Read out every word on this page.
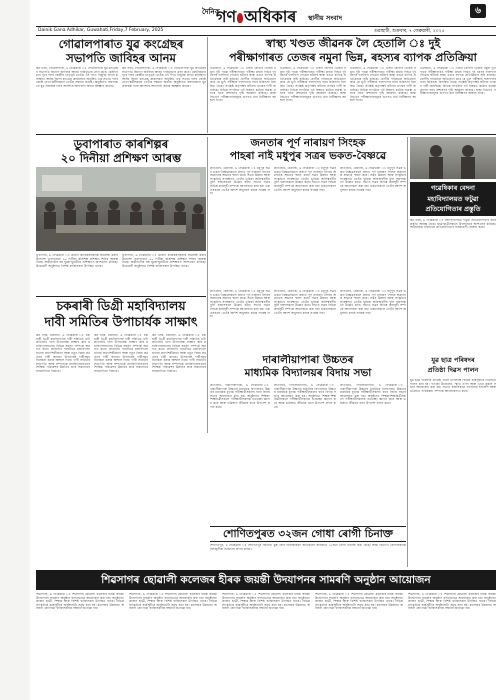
দৈনিক
গণ অধিকাৰ স্থানীয় সংবাদ
৬
Dainik Gana Adhikar, Guwahati,Friday,7 February, 2025	গুৱাহাটী, শুক্ৰবাৰ, ৭ ফেব্ৰুৱাৰী, ২০২৫
গোৱালপাৰাত যুৱ কংগ্ৰেছৰ
সভাপতি জাবিহৰ আনম
কম খবৰ, গোৱালপাৰা, ৬ ফেব্ৰুৱাৰী ঃ গোৱালপাৰা যুৱ কংগ্ৰেছৰ সভাপতি হিচাপে জাবিহৰ আনম দায়িত্বভাৰ গ্ৰহণ কৰে। কেইদিনমান পূৰ্বে দলৰ কেন্দ্ৰীয় নেতৃত্বই তেওঁক এই পদত নিযুক্তি প্ৰদান কৰিছিল। আজি জিলা কংগ্ৰেছ কাৰ্যালয়ত অনুষ্ঠিত এক সভাত দলৰ জ্যেষ্ঠ নেতা-কৰ্মীসকলে তেওঁক সম্বৰ্ধনা জনায়। অনুষ্ঠানত বক্তাসকলে যুৱ প্ৰজন্মক দলৰ আদৰ্শৰে আগবাঢ়ি অহাৰ আহ্বান জনায়।
কম খবৰ, গোৱালপাৰা, ৬ ফেব্ৰুৱাৰী ঃ গোৱালপাৰা যুৱ কংগ্ৰেছৰ সভাপতি হিচাপে জাবিহৰ আনম দায়িত্বভাৰ গ্ৰহণ কৰে। কেইদিনমান পূৰ্বে দলৰ কেন্দ্ৰীয় নেতৃত্বই তেওঁক এই পদত নিযুক্তি প্ৰদান কৰিছিল। আজি জিলা কংগ্ৰেছ কাৰ্যালয়ত অনুষ্ঠিত এক সভাত দলৰ জ্যেষ্ঠ নেতা-কৰ্মীসকলে তেওঁক সম্বৰ্ধনা জনায়। অনুষ্ঠানত বক্তাসকলে যুৱ প্ৰজন্মক দলৰ আদৰ্শৰে আগবাঢ়ি অহাৰ আহ্বান জনায়।
স্বাস্থ্য খণ্ডত জীৱনক লৈ হেতালি ঃ দুই
পৰীক্ষাগাৰত তেজৰ নমুনা ভিন্ন, ৰহস্যৰ ব্যাপক প্ৰতিক্ৰিয়া
গুৱাহাটী, ৬ ফেব্ৰুৱাৰী ঃ এজন ৰোগীৰ তেজৰ নমুনা দুটা পৃথক পৰীক্ষাগাৰত পৰীক্ষা কৰাৰ পিছত দুই ধৰণৰ ফলাফল পোৱাৰ ঘটনাই স্বাস্থ্য খণ্ডত ব্যাপক প্ৰতিক্ৰিয়াৰ সৃষ্টি কৰিছে। ৰোগীৰ পৰিয়ালে অভিযোগ কৰে যে ভুল পৰীক্ষাৰ ফলাফলৰ বাবে চিকিৎসা বিলম্বিত হৈছে। সংশ্লিষ্ট কৰ্তৃপক্ষই ঘটনাৰ তদন্তৰ দাবী জনাইছে। বিভিন্ন সংগঠনে এই বিষয়ত কঠোৰ ব্যৱস্থা গ্ৰহণৰ বাবে প্ৰশাসনৰ দৃষ্টি আকৰ্ষণ কৰিছে। স্বাস্থ্য বিভাগে পৰীক্ষাগাৰসমূহৰ গুণগত মান নিৰীক্ষণৰ আশ্বাস দিয়ে।
গুৱাহাটী, ৬ ফেব্ৰুৱাৰী ঃ এজন ৰোগীৰ তেজৰ নমুনা দুটা পৃথক পৰীক্ষাগাৰত পৰীক্ষা কৰাৰ পিছত দুই ধৰণৰ ফলাফল পোৱাৰ ঘটনাই স্বাস্থ্য খণ্ডত ব্যাপক প্ৰতিক্ৰিয়াৰ সৃষ্টি কৰিছে। ৰোগীৰ পৰিয়ালে অভিযোগ কৰে যে ভুল পৰীক্ষাৰ ফলাফলৰ বাবে চিকিৎসা বিলম্বিত হৈছে। সংশ্লিষ্ট কৰ্তৃপক্ষই ঘটনাৰ তদন্তৰ দাবী জনাইছে। বিভিন্ন সংগঠনে এই বিষয়ত কঠোৰ ব্যৱস্থা গ্ৰহণৰ বাবে প্ৰশাসনৰ দৃষ্টি আকৰ্ষণ কৰিছে। স্বাস্থ্য বিভাগে পৰীক্ষাগাৰসমূহৰ গুণগত মান নিৰীক্ষণৰ আশ্বাস দিয়ে।
গুৱাহাটী, ৬ ফেব্ৰুৱাৰী ঃ এজন ৰোগীৰ তেজৰ নমুনা দুটা পৃথক পৰীক্ষাগাৰত পৰীক্ষা কৰাৰ পিছত দুই ধৰণৰ ফলাফল পোৱাৰ ঘটনাই স্বাস্থ্য খণ্ডত ব্যাপক প্ৰতিক্ৰিয়াৰ সৃষ্টি কৰিছে। ৰোগীৰ পৰিয়ালে অভিযোগ কৰে যে ভুল পৰীক্ষাৰ ফলাফলৰ বাবে চিকিৎসা বিলম্বিত হৈছে। সংশ্লিষ্ট কৰ্তৃপক্ষই ঘটনাৰ তদন্তৰ দাবী জনাইছে। বিভিন্ন সংগঠনে এই বিষয়ত কঠোৰ ব্যৱস্থা গ্ৰহণৰ বাবে প্ৰশাসনৰ দৃষ্টি আকৰ্ষণ কৰিছে। স্বাস্থ্য বিভাগে পৰীক্ষাগাৰসমূহৰ গুণগত মান নিৰীক্ষণৰ আশ্বাস দিয়ে।
গুৱাহাটী, ৬ ফেব্ৰুৱাৰী ঃ এজন ৰোগীৰ তেজৰ নমুনা দুটা পৃথক পৰীক্ষাগাৰত পৰীক্ষা কৰাৰ পিছত দুই ধৰণৰ ফলাফল পোৱাৰ ঘটনাই স্বাস্থ্য খণ্ডত ব্যাপক প্ৰতিক্ৰিয়াৰ সৃষ্টি কৰিছে। ৰোগীৰ পৰিয়ালে অভিযোগ কৰে যে ভুল পৰীক্ষাৰ ফলাফলৰ বাবে চিকিৎসা বিলম্বিত হৈছে। সংশ্লিষ্ট কৰ্তৃপক্ষই ঘটনাৰ তদন্তৰ দাবী জনাইছে। বিভিন্ন সংগঠনে এই বিষয়ত কঠোৰ ব্যৱস্থা গ্ৰহণৰ বাবে প্ৰশাসনৰ দৃষ্টি আকৰ্ষণ কৰিছে। স্বাস্থ্য বিভাগে পৰীক্ষাগাৰসমূহৰ গুণগত মান নিৰীক্ষণৰ আশ্বাস দিয়ে।
ডুবাপাৰাত কাৰশিল্পৰ
২০ দিনীয়া প্ৰশিক্ষণ আৰম্ভ
ডুবাপাৰা, ৬ ফেব্ৰুৱাৰী ঃ গ্ৰামীণ কাৰিকৰসকলক স্বাৱলম্বী কৰাৰ উদ্দেশ্যে ডুবাপাৰাত ২০ দিনীয়া কাৰশিল্প প্ৰশিক্ষণ শিবিৰ আৰম্ভ হৈছে। অঞ্চলটোৰ বহু যুৱক-যুৱতীয়ে প্ৰশিক্ষণত অংশগ্ৰহণ কৰিছে। উদ্বোধনী অনুষ্ঠানত বিশিষ্ট ব্যক্তিসকল উপস্থিত থাকে।
ডুবাপাৰা, ৬ ফেব্ৰুৱাৰী ঃ গ্ৰামীণ কাৰিকৰসকলক স্বাৱলম্বী কৰাৰ উদ্দেশ্যে ডুবাপাৰাত ২০ দিনীয়া কাৰশিল্প প্ৰশিক্ষণ শিবিৰ আৰম্ভ হৈছে। অঞ্চলটোৰ বহু যুৱক-যুৱতীয়ে প্ৰশিক্ষণত অংশগ্ৰহণ কৰিছে। উদ্বোধনী অনুষ্ঠানত বিশিষ্ট ব্যক্তিসকল উপস্থিত থাকে।
জনতাৰ পূৰ্ণ নাৰায়ণ সিংহক
পাহৰা নাই মধুপুৰ সত্ৰৰ ভকত-বৈষ্ণৱে
প্ৰতিনিধি, ধেমাজি, ৬ ফেব্ৰুৱাৰী ঃ মধুপুৰ সত্ৰৰ ভকত-বৈষ্ণৱসকলে প্ৰয়াত পূৰ্ণ নাৰায়ণ সিংহৰ অৱদানক শ্ৰদ্ধাৰে স্মৰণ কৰে। সত্ৰৰ উন্নয়ন আৰু সংস্কৃতিৰ সংৰক্ষণত তেওঁৰ ভূমিকা অবিস্মৰণীয় বুলি বক্তাসকলে উল্লেখ কৰে। সভাত সত্ৰৰ বিভিন্ন কাৰ্যসূচী সম্পৰ্কে আলোচনা কৰা হয়। ভকতসকলে তেওঁৰ আদৰ্শ অনুসৰণ কৰাৰ সংকল্প লয়।
প্ৰতিনিধি, ধেমাজি, ৬ ফেব্ৰুৱাৰী ঃ মধুপুৰ সত্ৰৰ ভকত-বৈষ্ণৱসকলে প্ৰয়াত পূৰ্ণ নাৰায়ণ সিংহৰ অৱদানক শ্ৰদ্ধাৰে স্মৰণ কৰে। সত্ৰৰ উন্নয়ন আৰু সংস্কৃতিৰ সংৰক্ষণত তেওঁৰ ভূমিকা অবিস্মৰণীয় বুলি বক্তাসকলে উল্লেখ কৰে। সভাত সত্ৰৰ বিভিন্ন কাৰ্যসূচী সম্পৰ্কে আলোচনা কৰা হয়। ভকতসকলে তেওঁৰ আদৰ্শ অনুসৰণ কৰাৰ সংকল্প লয়।
প্ৰতিনিধি, ধেমাজি, ৬ ফেব্ৰুৱাৰী ঃ মধুপুৰ সত্ৰৰ ভকত-বৈষ্ণৱসকলে প্ৰয়াত পূৰ্ণ নাৰায়ণ সিংহৰ অৱদানক শ্ৰদ্ধাৰে স্মৰণ কৰে। সত্ৰৰ উন্নয়ন আৰু সংস্কৃতিৰ সংৰক্ষণত তেওঁৰ ভূমিকা অবিস্মৰণীয় বুলি বক্তাসকলে উল্লেখ কৰে। সভাত সত্ৰৰ বিভিন্ন কাৰ্যসূচী সম্পৰ্কে আলোচনা কৰা হয়। ভকতসকলে তেওঁৰ আদৰ্শ অনুসৰণ কৰাৰ সংকল্প লয়।	গৱেষিকাৰ বেদনা
মহাবিদ্যালয়ত ফটুৱা
প্ৰতিযোগিতাৰ প্ৰস্তুতি
কম খবৰ, ৬ ফেব্ৰুৱাৰী ঃ মহাবিদ্যালয়ত ফটুৱা প্ৰতিযোগিতাৰ বাবে প্ৰস্তুতি আৰম্ভ হৈছে। ছাত্ৰ-ছাত্ৰীসকলে উৎসাহেৰে অংশগ্ৰহণ কৰিছে। আয়োজক সমিতিয়ে প্ৰতিযোগিতাৰ নিয়মাৱলী ঘোষণা কৰে।
যুৱ ছাত্ৰ পৰিষদৰ
প্ৰতিষ্ঠা দিৱস পালন
যুৱ ছাত্ৰ পৰিষদৰ প্ৰতিষ্ঠা দিৱস উপলক্ষে বিভিন্ন কাৰ্যসূচীৰে দিৱসটো পালন কৰা হয়। পতাকা উত্তোলন, স্মৃতি তৰ্পণ আৰু এখন মুকলি সভাৰ আয়োজন কৰা হয়। সভাত বক্তাসকলে সংগঠনৰ ইতিহাস আৰু ভৱিষ্যত পৰিকল্পনা সম্পৰ্কে আলোকপাত কৰে।
চকৰাৰী ডিগ্ৰী মহাবিদ্যালয়
দাবী সমিতিৰ উপাচাৰ্যক সাক্ষাৎ
কম খবৰ, চকৰাৰী, ৬ ফেব্ৰুৱাৰী ঃ চকৰাৰী ডিগ্ৰী মহাবিদ্যালয় দাবী সমিতিৰ এটা প্ৰতিনিধি দলে উপাচাৰ্যক সাক্ষাৎ কৰি মহাবিদ্যালয়খনৰ বিভিন্ন সমস্যা সম্পৰ্কে অৱগত কৰে। প্ৰতিনিধি দলটোৱে মহাবিদ্যালয়খনৰ প্ৰাদেশিকীকৰণ আৰু নতুন বিষয় প্ৰৱৰ্তনৰ দাবী জনায়। উপাচাৰ্যই দাবীসমূহ বিবেচনা কৰাৰ আশ্বাস দিয়ে। দাবী সমিতিৰ সভাপতি আৰু সম্পাদকে মহাবিদ্যালয়খনৰ শৈক্ষিক পৰিৱেশৰ উন্নতিৰ বাবে সকলোৰে সহযোগিতা বিচাৰে।
কম খবৰ, চকৰাৰী, ৬ ফেব্ৰুৱাৰী ঃ চকৰাৰী ডিগ্ৰী মহাবিদ্যালয় দাবী সমিতিৰ এটা প্ৰতিনিধি দলে উপাচাৰ্যক সাক্ষাৎ কৰি মহাবিদ্যালয়খনৰ বিভিন্ন সমস্যা সম্পৰ্কে অৱগত কৰে। প্ৰতিনিধি দলটোৱে মহাবিদ্যালয়খনৰ প্ৰাদেশিকীকৰণ আৰু নতুন বিষয় প্ৰৱৰ্তনৰ দাবী জনায়। উপাচাৰ্যই দাবীসমূহ বিবেচনা কৰাৰ আশ্বাস দিয়ে। দাবী সমিতিৰ সভাপতি আৰু সম্পাদকে মহাবিদ্যালয়খনৰ শৈক্ষিক পৰিৱেশৰ উন্নতিৰ বাবে সকলোৰে সহযোগিতা বিচাৰে।
কম খবৰ, চকৰাৰী, ৬ ফেব্ৰুৱাৰী ঃ চকৰাৰী ডিগ্ৰী মহাবিদ্যালয় দাবী সমিতিৰ এটা প্ৰতিনিধি দলে উপাচাৰ্যক সাক্ষাৎ কৰি মহাবিদ্যালয়খনৰ বিভিন্ন সমস্যা সম্পৰ্কে অৱগত কৰে। প্ৰতিনিধি দলটোৱে মহাবিদ্যালয়খনৰ প্ৰাদেশিকীকৰণ আৰু নতুন বিষয় প্ৰৱৰ্তনৰ দাবী জনায়। উপাচাৰ্যই দাবীসমূহ বিবেচনা কৰাৰ আশ্বাস দিয়ে। দাবী সমিতিৰ সভাপতি আৰু সম্পাদকে মহাবিদ্যালয়খনৰ শৈক্ষিক পৰিৱেশৰ উন্নতিৰ বাবে সকলোৰে সহযোগিতা বিচাৰে।
প্ৰতিনিধি, ধেমাজি, ৬ ফেব্ৰুৱাৰী ঃ মধুপুৰ সত্ৰৰ ভকত-বৈষ্ণৱসকলে প্ৰয়াত পূৰ্ণ নাৰায়ণ সিংহৰ অৱদানক শ্ৰদ্ধাৰে স্মৰণ কৰে। সত্ৰৰ উন্নয়ন আৰু সংস্কৃতিৰ সংৰক্ষণত তেওঁৰ ভূমিকা অবিস্মৰণীয় বুলি বক্তাসকলে উল্লেখ কৰে। সভাত সত্ৰৰ বিভিন্ন কাৰ্যসূচী সম্পৰ্কে আলোচনা কৰা হয়। ভকতসকলে তেওঁৰ আদৰ্শ অনুসৰণ কৰাৰ সংকল্প লয়।
প্ৰতিনিধি, ধেমাজি, ৬ ফেব্ৰুৱাৰী ঃ মধুপুৰ সত্ৰৰ ভকত-বৈষ্ণৱসকলে প্ৰয়াত পূৰ্ণ নাৰায়ণ সিংহৰ অৱদানক শ্ৰদ্ধাৰে স্মৰণ কৰে। সত্ৰৰ উন্নয়ন আৰু সংস্কৃতিৰ সংৰক্ষণত তেওঁৰ ভূমিকা অবিস্মৰণীয় বুলি বক্তাসকলে উল্লেখ কৰে। সভাত সত্ৰৰ বিভিন্ন কাৰ্যসূচী সম্পৰ্কে আলোচনা কৰা হয়। ভকতসকলে তেওঁৰ আদৰ্শ অনুসৰণ কৰাৰ সংকল্প লয়।
প্ৰতিনিধি, ধেমাজি, ৬ ফেব্ৰুৱাৰী ঃ মধুপুৰ সত্ৰৰ ভকত-বৈষ্ণৱসকলে প্ৰয়াত পূৰ্ণ নাৰায়ণ সিংহৰ অৱদানক শ্ৰদ্ধাৰে স্মৰণ কৰে। সত্ৰৰ উন্নয়ন আৰু সংস্কৃতিৰ সংৰক্ষণত তেওঁৰ ভূমিকা অবিস্মৰণীয় বুলি বক্তাসকলে উল্লেখ কৰে। সভাত সত্ৰৰ বিভিন্ন কাৰ্যসূচী সম্পৰ্কে আলোচনা কৰা হয়। ভকতসকলে তেওঁৰ আদৰ্শ অনুসৰণ কৰাৰ সংকল্প লয়।
দাৰালীয়াপাৰা উচ্চতৰ
মাধ্যমিক বিদ্যালয়ৰ বিদায় সভা
প্ৰতিনিধি, দাৰালীয়াপাৰা, ৬ ফেব্ৰুৱাৰী ঃ দাৰালীয়াপাৰা উচ্চতৰ মাধ্যমিক বিদ্যালয়ত উচ্চতৰ মাধ্যমিক চূড়ান্ত পৰীক্ষাৰ্থীসকলৰ বাবে বিদায় সভাৰ আয়োজন কৰা হয়। অনুষ্ঠানত শিক্ষক-শিক্ষয়িত্ৰীসকলে পৰীক্ষাৰ্থীসকলক শুভেচ্ছা জ্ঞাপন কৰে আৰু ভৱিষ্যত জীৱনৰ বাবে উপদেশ প্ৰদান কৰে।
প্ৰতিনিধি, দাৰালীয়াপাৰা, ৬ ফেব্ৰুৱাৰী ঃ দাৰালীয়াপাৰা উচ্চতৰ মাধ্যমিক বিদ্যালয়ত উচ্চতৰ মাধ্যমিক চূড়ান্ত পৰীক্ষাৰ্থীসকলৰ বাবে বিদায় সভাৰ আয়োজন কৰা হয়। অনুষ্ঠানত শিক্ষক-শিক্ষয়িত্ৰীসকলে পৰীক্ষাৰ্থীসকলক শুভেচ্ছা জ্ঞাপন কৰে আৰু ভৱিষ্যত জীৱনৰ বাবে উপদেশ প্ৰদান কৰে।
প্ৰতিনিধি, দাৰালীয়াপাৰা, ৬ ফেব্ৰুৱাৰী ঃ দাৰালীয়াপাৰা উচ্চতৰ মাধ্যমিক বিদ্যালয়ত উচ্চতৰ মাধ্যমিক চূড়ান্ত পৰীক্ষাৰ্থীসকলৰ বাবে বিদায় সভাৰ আয়োজন কৰা হয়। অনুষ্ঠানত শিক্ষক-শিক্ষয়িত্ৰীসকলে পৰীক্ষাৰ্থীসকলক শুভেচ্ছা জ্ঞাপন কৰে আৰু ভৱিষ্যত জীৱনৰ বাবে উপদেশ প্ৰদান কৰে।
শোণিতপুৰত ৩২জন গোধা ৰোগী চিনাক্ত
শোণিতপুৰ, ৬ ফেব্ৰুৱাৰী ঃ শোণিতপুৰ জিলাত কুষ্ঠ ৰোগ চিনাক্তকৰণ অভিযানৰ জৰিয়তে ৩২জন ৰোগী চিনাক্ত কৰা হৈছে। স্বাস্থ্য বিভাগে ৰোগীসকলক বিনামূলীয়া চিকিৎসা প্ৰদান কৰিব।
শিৱসাগৰ ছোৱালী কলেজৰ হীৰক জয়ন্তী উদযাপনৰ সামৰণি অনুষ্ঠান আয়োজন
শিৱসাগৰ, ৬ ফেব্ৰুৱাৰী ঃ শিৱসাগৰ ছোৱালী কলেজৰ হীৰক জয়ন্তী উদযাপনৰ সামৰণি অনুষ্ঠান বৰ্ণাঢ্যভাৱে আয়োজন কৰা হয়। অনুষ্ঠানত প্ৰাক্তন ছাত্ৰী, শিক্ষক আৰু বিশিষ্ট ব্যক্তিসকল উপস্থিত থাকে। বিভিন্ন সাংস্কৃতিক কাৰ্যসূচীৰে অনুষ্ঠানটো সমৃদ্ধ কৰা হয়। কলেজৰ উন্নয়নত অৰিহণা যোগোৱা ব্যক্তিসকলক সম্বৰ্ধনা জনোৱা হয়।
শিৱসাগৰ, ৬ ফেব্ৰুৱাৰী ঃ শিৱসাগৰ ছোৱালী কলেজৰ হীৰক জয়ন্তী উদযাপনৰ সামৰণি অনুষ্ঠান বৰ্ণাঢ্যভাৱে আয়োজন কৰা হয়। অনুষ্ঠানত প্ৰাক্তন ছাত্ৰী, শিক্ষক আৰু বিশিষ্ট ব্যক্তিসকল উপস্থিত থাকে। বিভিন্ন সাংস্কৃতিক কাৰ্যসূচীৰে অনুষ্ঠানটো সমৃদ্ধ কৰা হয়। কলেজৰ উন্নয়নত অৰিহণা যোগোৱা ব্যক্তিসকলক সম্বৰ্ধনা জনোৱা হয়।
শিৱসাগৰ, ৬ ফেব্ৰুৱাৰী ঃ শিৱসাগৰ ছোৱালী কলেজৰ হীৰক জয়ন্তী উদযাপনৰ সামৰণি অনুষ্ঠান বৰ্ণাঢ্যভাৱে আয়োজন কৰা হয়। অনুষ্ঠানত প্ৰাক্তন ছাত্ৰী, শিক্ষক আৰু বিশিষ্ট ব্যক্তিসকল উপস্থিত থাকে। বিভিন্ন সাংস্কৃতিক কাৰ্যসূচীৰে অনুষ্ঠানটো সমৃদ্ধ কৰা হয়। কলেজৰ উন্নয়নত অৰিহণা যোগোৱা ব্যক্তিসকলক সম্বৰ্ধনা জনোৱা হয়।
শিৱসাগৰ, ৬ ফেব্ৰুৱাৰী ঃ শিৱসাগৰ ছোৱালী কলেজৰ হীৰক জয়ন্তী উদযাপনৰ সামৰণি অনুষ্ঠান বৰ্ণাঢ্যভাৱে আয়োজন কৰা হয়। অনুষ্ঠানত প্ৰাক্তন ছাত্ৰী, শিক্ষক আৰু বিশিষ্ট ব্যক্তিসকল উপস্থিত থাকে। বিভিন্ন সাংস্কৃতিক কাৰ্যসূচীৰে অনুষ্ঠানটো সমৃদ্ধ কৰা হয়। কলেজৰ উন্নয়নত অৰিহণা যোগোৱা ব্যক্তিসকলক সম্বৰ্ধনা জনোৱা হয়।
শিৱসাগৰ, ৬ ফেব্ৰুৱাৰী ঃ শিৱসাগৰ ছোৱালী কলেজৰ হীৰক জয়ন্তী উদযাপনৰ সামৰণি অনুষ্ঠান বৰ্ণাঢ্যভাৱে আয়োজন কৰা হয়। অনুষ্ঠানত প্ৰাক্তন ছাত্ৰী, শিক্ষক আৰু বিশিষ্ট ব্যক্তিসকল উপস্থিত থাকে। বিভিন্ন সাংস্কৃতিক কাৰ্যসূচীৰে অনুষ্ঠানটো সমৃদ্ধ কৰা হয়। কলেজৰ উন্নয়নত অৰিহণা যোগোৱা ব্যক্তিসকলক সম্বৰ্ধনা জনোৱা হয়।
